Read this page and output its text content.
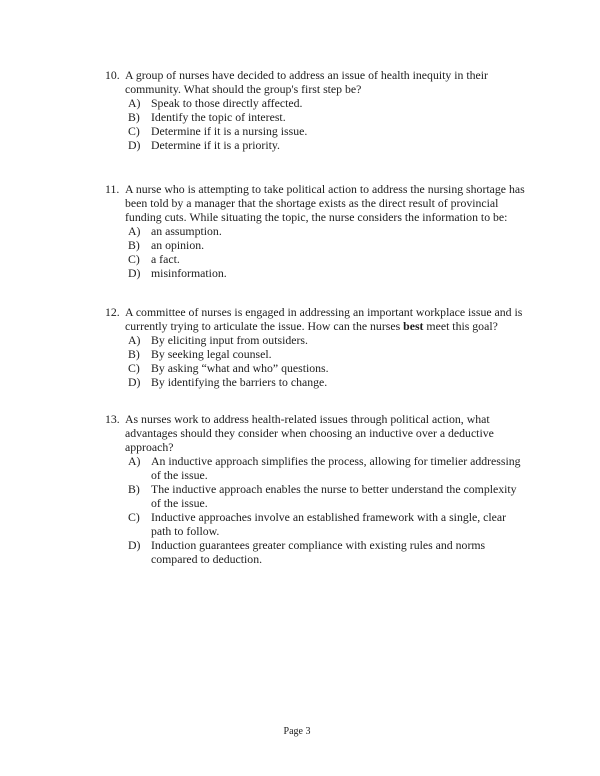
10. A group of nurses have decided to address an issue of health inequity in their community. What should the group's first step be?
A) Speak to those directly affected.
B) Identify the topic of interest.
C) Determine if it is a nursing issue.
D) Determine if it is a priority.
11. A nurse who is attempting to take political action to address the nursing shortage has been told by a manager that the shortage exists as the direct result of provincial funding cuts. While situating the topic, the nurse considers the information to be:
A) an assumption.
B) an opinion.
C) a fact.
D) misinformation.
12. A committee of nurses is engaged in addressing an important workplace issue and is currently trying to articulate the issue. How can the nurses best meet this goal?
A) By eliciting input from outsiders.
B) By seeking legal counsel.
C) By asking “what and who” questions.
D) By identifying the barriers to change.
13. As nurses work to address health-related issues through political action, what advantages should they consider when choosing an inductive over a deductive approach?
A) An inductive approach simplifies the process, allowing for timelier addressing of the issue.
B) The inductive approach enables the nurse to better understand the complexity of the issue.
C) Inductive approaches involve an established framework with a single, clear path to follow.
D) Induction guarantees greater compliance with existing rules and norms compared to deduction.
Page 3
